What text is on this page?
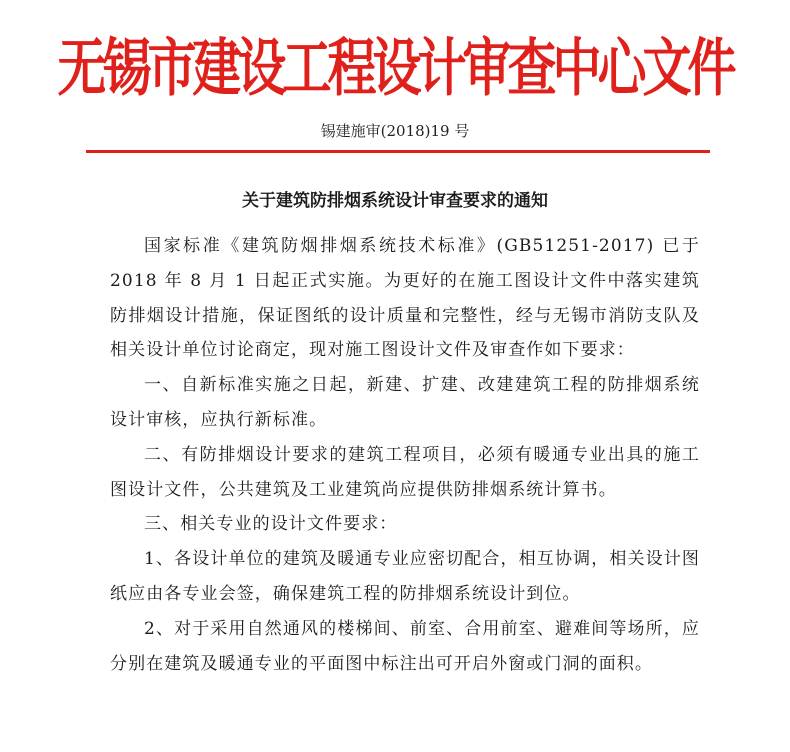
无锡市建设工程设计审查中心文件
锡建施审(2018)19 号
关于建筑防排烟系统设计审查要求的通知

国家标准《建筑防烟排烟系统技术标准》(GB51251-2017) 已于 2018 年 8 月 1 日起正式实施。为更好的在施工图设计文件中落实建筑防排烟设计措施，保证图纸的设计质量和完整性，经与无锡市消防支队及相关设计单位讨论商定，现对施工图设计文件及审查作如下要求：

一、自新标准实施之日起，新建、扩建、改建建筑工程的防排烟系统设计审核，应执行新标准。

二、有防排烟设计要求的建筑工程项目，必须有暖通专业出具的施工图设计文件，公共建筑及工业建筑尚应提供防排烟系统计算书。

三、相关专业的设计文件要求：

1、各设计单位的建筑及暖通专业应密切配合，相互协调，相关设计图纸应由各专业会签，确保建筑工程的防排烟系统设计到位。

2、对于采用自然通风的楼梯间、前室、合用前室、避难间等场所，应分别在建筑及暖通专业的平面图中标注出可开启外窗或门洞的面积。
